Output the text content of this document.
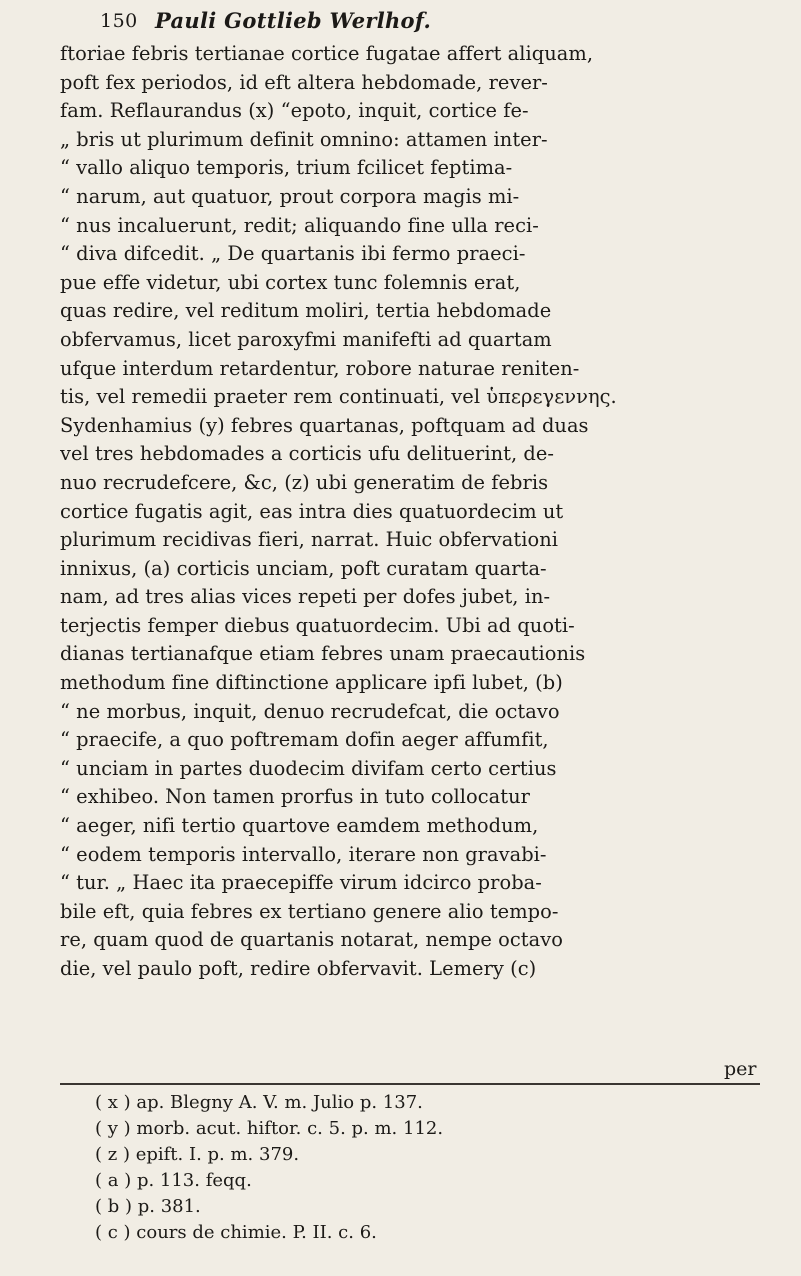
150 Pauli Gottlieb Werlhof.
ftoriae febris tertianae cortice fugatae affert aliquam,
poft fex periodos, id eft altera hebdomade, rever-
fam. Reflaurandus (x) “epoto, inquit, cortice fe-
„ bris ut plurimum definit omnino: attamen inter-
“ vallo aliquo temporis, trium fcilicet feptima-
“ narum, aut quatuor, prout corpora magis mi-
“ nus incaluerunt, redit; aliquando fine ulla reci-
“ diva difcedit. „ De quartanis ibi fermo praeci-
pue effe videtur, ubi cortex tunc folemnis erat,
quas redire, vel reditum moliri, tertia hebdomade
obfervamus, licet paroxyfmi manifefti ad quartam
ufque interdum retardentur, robore naturae reniten-
tis, vel remedii praeter rem continuati, vel ὑπερεγεννης.
Sydenhamius (y) febres quartanas, poftquam ad duas
vel tres hebdomades a corticis ufu delituerint, de-
nuo recrudefcere, &c, (z) ubi generatim de febris
cortice fugatis agit, eas intra dies quatuordecim ut
plurimum recidivas fieri, narrat. Huic obfervationi
innixus, (a) corticis unciam, poft curatam quarta-
nam, ad tres alias vices repeti per dofes jubet, in-
terjectis femper diebus quatuordecim. Ubi ad quoti-
dianas tertianafque etiam febres unam praecautionis
methodum fine diftinctione applicare ipfi lubet, (b)
“ ne morbus, inquit, denuo recrudefcat, die octavo
“ praecife, a quo poftremam dofin aeger affumfit,
“ unciam in partes duodecim divifam certo certius
“ exhibeo. Non tamen prorfus in tuto collocatur
“ aeger, nifi tertio quartove eamdem methodum,
“ eodem temporis intervallo, iterare non gravabi-
“ tur. „ Haec ita praecepiffe virum idcirco proba-
bile eft, quia febres ex tertiano genere alio tempo-
re, quam quod de quartanis notarat, nempe octavo
die, vel paulo poft, redire obfervavit. Lemery (c)
per
( x ) ap. Blegny A. V. m. Julio p. 137.
( y ) morb. acut. hiftor. c. 5. p. m. 112.
( z ) epift. I. p. m. 379.
( a ) p. 113. feqq.
( b ) p. 381.
( c ) cours de chimie. P. II. c. 6.
